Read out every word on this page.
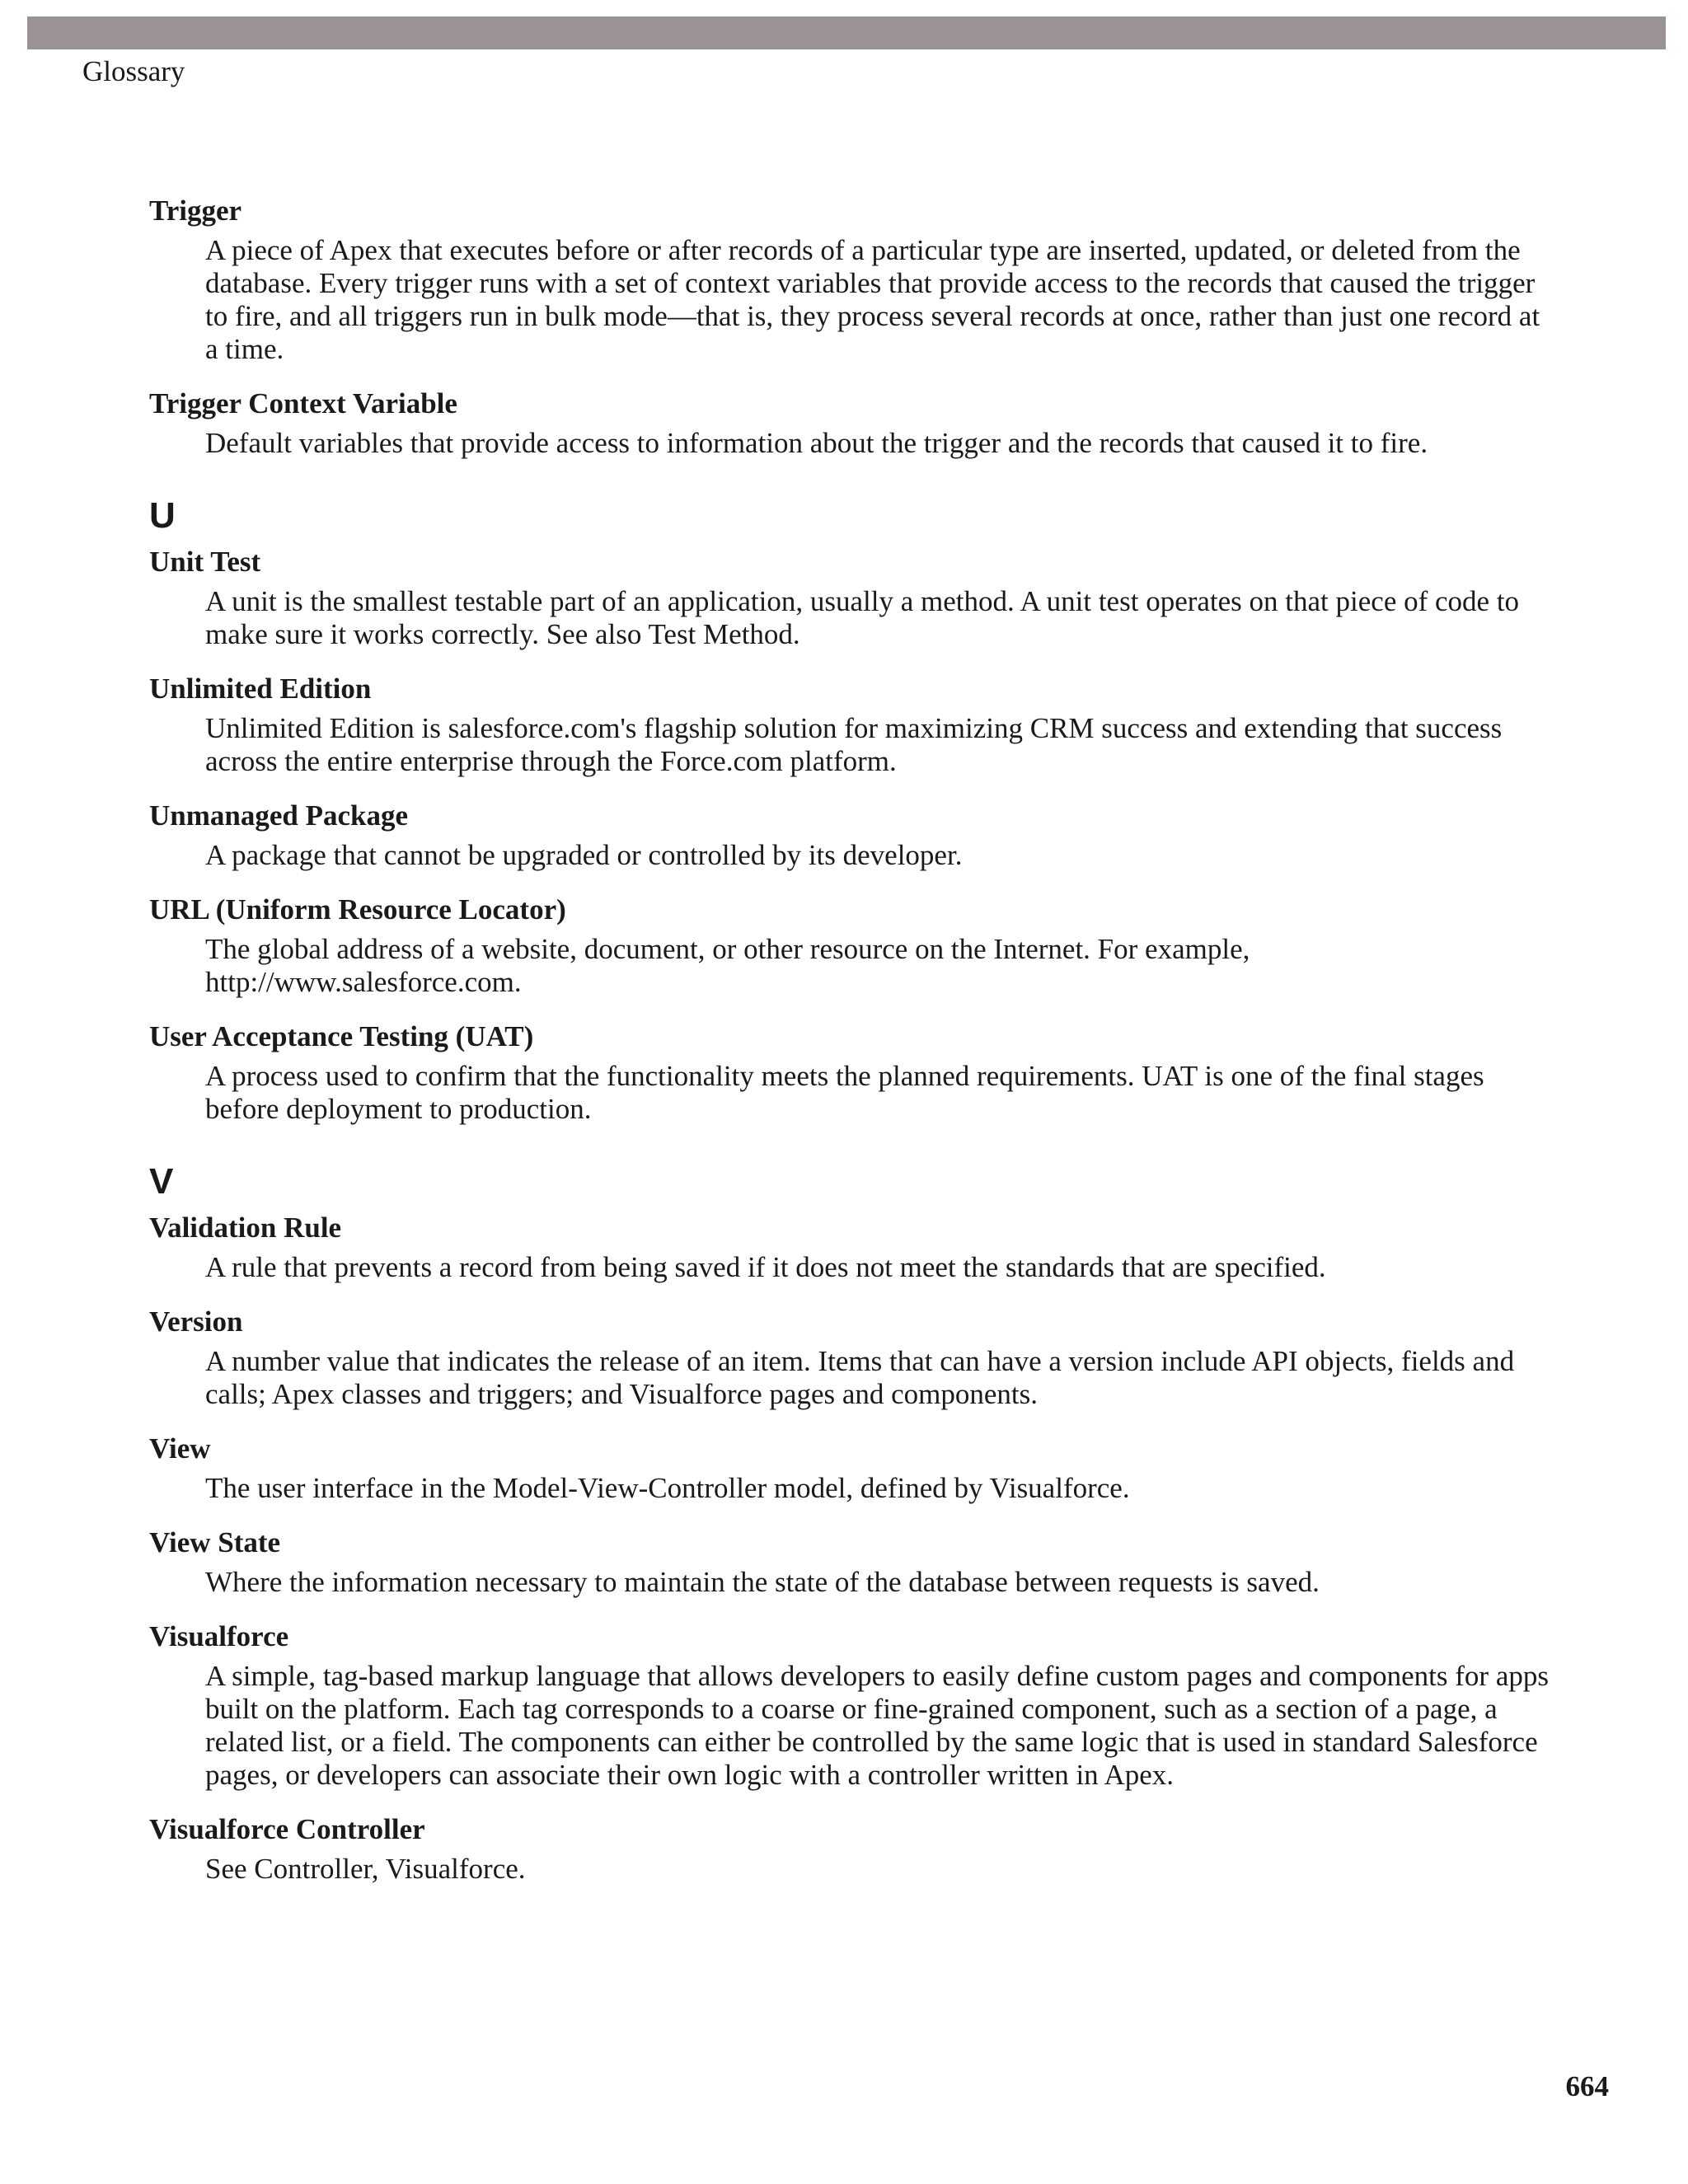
Glossary
Trigger
A piece of Apex that executes before or after records of a particular type are inserted, updated, or deleted from the database. Every trigger runs with a set of context variables that provide access to the records that caused the trigger to fire, and all triggers run in bulk mode—that is, they process several records at once, rather than just one record at a time.
Trigger Context Variable
Default variables that provide access to information about the trigger and the records that caused it to fire.
U
Unit Test
A unit is the smallest testable part of an application, usually a method. A unit test operates on that piece of code to make sure it works correctly. See also Test Method.
Unlimited Edition
Unlimited Edition is salesforce.com's flagship solution for maximizing CRM success and extending that success across the entire enterprise through the Force.com platform.
Unmanaged Package
A package that cannot be upgraded or controlled by its developer.
URL (Uniform Resource Locator)
The global address of a website, document, or other resource on the Internet. For example, http://www.salesforce.com.
User Acceptance Testing (UAT)
A process used to confirm that the functionality meets the planned requirements. UAT is one of the final stages before deployment to production.
V
Validation Rule
A rule that prevents a record from being saved if it does not meet the standards that are specified.
Version
A number value that indicates the release of an item. Items that can have a version include API objects, fields and calls; Apex classes and triggers; and Visualforce pages and components.
View
The user interface in the Model-View-Controller model, defined by Visualforce.
View State
Where the information necessary to maintain the state of the database between requests is saved.
Visualforce
A simple, tag-based markup language that allows developers to easily define custom pages and components for apps built on the platform. Each tag corresponds to a coarse or fine-grained component, such as a section of a page, a related list, or a field. The components can either be controlled by the same logic that is used in standard Salesforce pages, or developers can associate their own logic with a controller written in Apex.
Visualforce Controller
See Controller, Visualforce.
664
